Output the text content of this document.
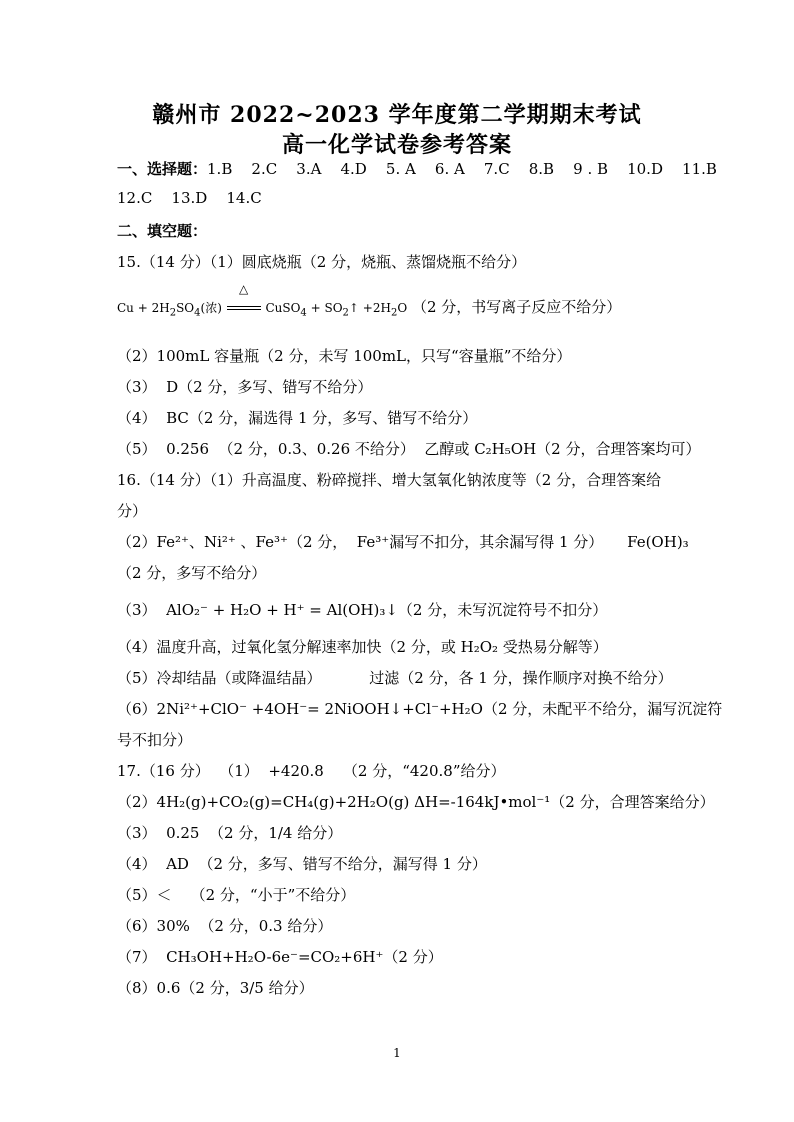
赣州市 2022~2023 学年度第二学期期末考试
高一化学试卷参考答案
一、选择题：1.B    2.C    3.A    4.D    5. A    6. A    7.C    8.B    9 . B    10.D    11.B
12.C    13.D    14.C
二、填空题：
15.（14 分）（1）圆底烧瓶（2 分，烧瓶、蒸馏烧瓶不给分）
$Cu + 2H_2SO_4$(浓)
△
CuSO$_4$ + $SO_2↑ +2H_2O$ （2 分，书写离子反应不给分）
（2）100mL 容量瓶（2 分，未写 100mL，只写“容量瓶”不给分）
（3）  D（2 分，多写、错写不给分）
（4）  BC（2 分，漏选得 1 分，多写、错写不给分）
（5）  0.256  （2 分，0.3、0.26 不给分）  乙醇或 C₂H₅OH（2 分，合理答案均可）
16.（14 分）（1）升高温度、粉碎搅拌、增大氢氧化钠浓度等（2 分，合理答案给
分）
（2）Fe²⁺、Ni²⁺ 、Fe³⁺（2 分，  Fe³⁺漏写不扣分，其余漏写得 1 分）     Fe(OH)₃
（2 分，多写不给分）
（3）  AlO₂⁻ + H₂O + H⁺ = Al(OH)₃↓（2 分，未写沉淀符号不扣分）
（4）温度升高，过氧化氢分解速率加快（2 分，或 H₂O₂ 受热易分解等）
（5）冷却结晶（或降温结晶）          过滤（2 分，各 1 分，操作顺序对换不给分）
（6）2Ni²⁺+ClO⁻ +4OH⁻= 2NiOOH↓+Cl⁻+H₂O（2 分，未配平不给分，漏写沉淀符
号不扣分）
17.（16 分）  （1）  +420.8    （2 分，“420.8”给分）
（2）4H₂(g)+CO₂(g)=CH₄(g)+2H₂O(g) ΔH=-164kJ•mol⁻¹（2 分，合理答案给分）
（3）  0.25  （2 分，1/4 给分）
（4）  AD  （2 分，多写、错写不给分，漏写得 1 分）
（5）＜    （2 分，“小于”不给分）
（6）30%  （2 分，0.3 给分）
（7）  CH₃OH+H₂O-6e⁻=CO₂+6H⁺（2 分）
（8）0.6（2 分，3/5 给分）
1
